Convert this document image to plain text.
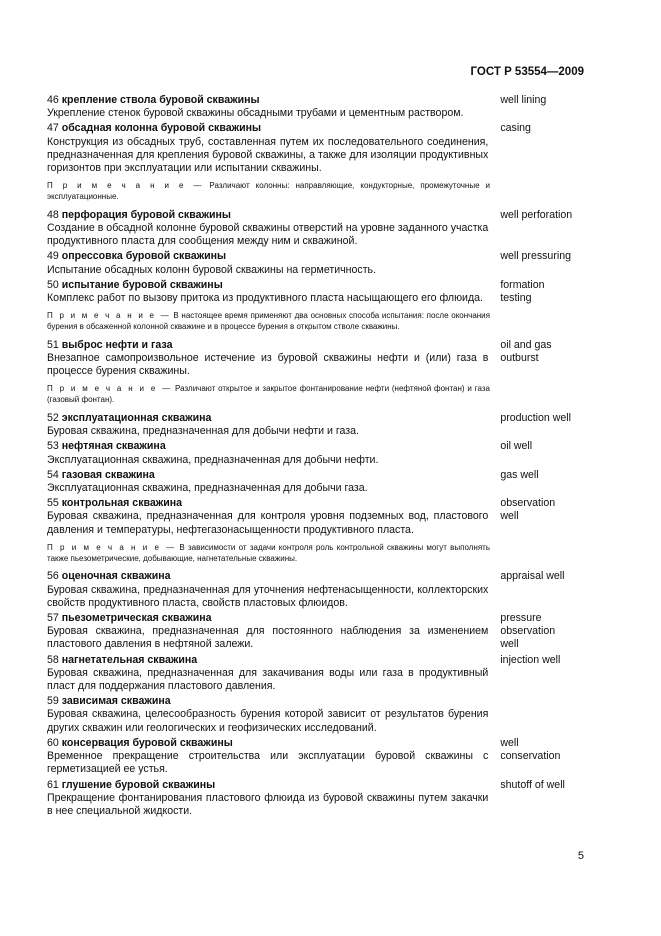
ГОСТ Р 53554—2009
46 крепление ствола буровой скважины
Укрепление стенок буровой скважины обсадными трубами и цементным раствором.
well lining
47 обсадная колонна буровой скважины
Конструкция из обсадных труб, составленная путем их последовательного соединения, предназначенная для крепления буровой скважины, а также для изоляции продуктивных горизонтов при эксплуатации или испытании скважины.
casing
П р и м е ч а н и е — Различают колонны: направляющие, кондукторные, промежуточные и эксплуатационные.
48 перфорация буровой скважины
Создание в обсадной колонне буровой скважины отверстий на уровне заданного участка продуктивного пласта для сообщения между ним и скважиной.
well perforation
49 опрессовка буровой скважины
Испытание обсадных колонн буровой скважины на герметичность.
well pressuring
50 испытание буровой скважины
Комплекс работ по вызову притока из продуктивного пласта насыщающего его флюида.
formation
testing
П р и м е ч а н и е — В настоящее время применяют два основных способа испытания: после окончания бурения в обсаженной колонной скважине и в процессе бурения в открытом стволе скважины.
51 выброс нефти и газа
Внезапное самопроизвольное истечение из буровой скважины нефти и (или) газа в процессе бурения скважины.
oil and gas
outburst
П р и м е ч а н и е — Различают открытое и закрытое фонтанирование нефти (нефтяной фонтан) и газа (газовый фонтан).
52 эксплуатационная скважина
Буровая скважина, предназначенная для добычи нефти и газа.
production well
53 нефтяная скважина
Эксплуатационная скважина, предназначенная для добычи нефти.
oil well
54 газовая скважина
Эксплуатационная скважина, предназначенная для добычи газа.
gas well
55 контрольная скважина
Буровая скважина, предназначенная для контроля уровня подземных вод, пластового давления и температуры, нефтегазонасыщенности продуктивного пласта.
observation
well
П р и м е ч а н и е — В зависимости от задачи контроля роль контрольной скважины могут выполнять также пьезометрические, добывающие, нагнетательные скважины.
56 оценочная скважина
Буровая скважина, предназначенная для уточнения нефтенасыщенности, коллекторских свойств продуктивного пласта, свойств пластовых флюидов.
appraisal well
57 пьезометрическая скважина
Буровая скважина, предназначенная для постоянного наблюдения за изменением пластового давления в нефтяной залежи.
pressure
observation
well
58 нагнетательная скважина
Буровая скважина, предназначенная для закачивания воды или газа в продуктивный пласт для поддержания пластового давления.
injection well
59 зависимая скважина
Буровая скважина, целесообразность бурения которой зависит от результатов бурения других скважин или геологических и геофизических исследований.
60 консервация буровой скважины
Временное прекращение строительства или эксплуатации буровой скважины с герметизацией ее устья.
well
conservation
61 глушение буровой скважины
Прекращение фонтанирования пластового флюида из буровой скважины путем закачки в нее специальной жидкости.
shutoff of well
5
